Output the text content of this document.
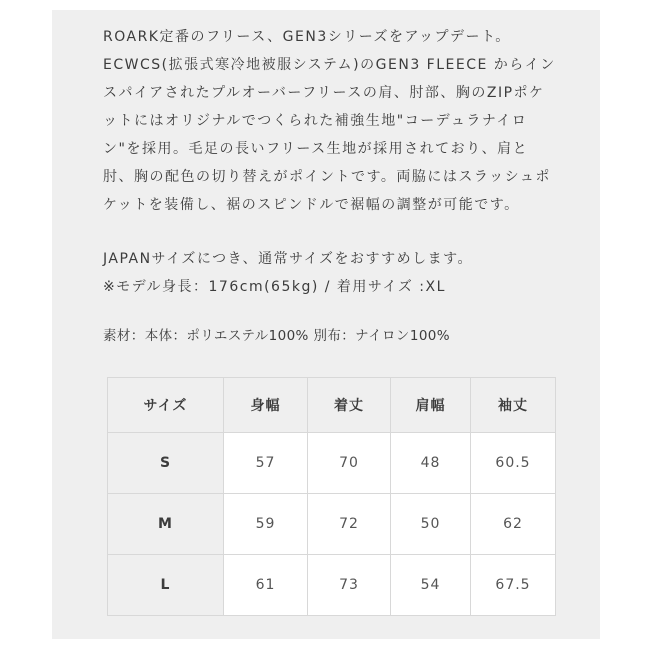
ROARK定番のフリース、GEN3シリーズをアップデート。
ECWCS(拡張式寒冷地被服システム)のGEN3 FLEECE からイン
スパイアされたプルオーバーフリースの肩、肘部、胸のZIPポケ
ットにはオリジナルでつくられた補強生地"コーデュラナイロ
ン"を採用。毛足の長いフリース生地が採用されており、肩と
肘、胸の配色の切り替えがポイントです。両脇にはスラッシュポ
ケットを装備し、裾のスピンドルで裾幅の調整が可能です。

JAPANサイズにつき、通常サイズをおすすめします。
※モデル身長：176cm(65kg) / 着用サイズ :XL

素材：本体：ポリエステル100% 別布：ナイロン100%

サイズ	身幅	着丈	肩幅	袖丈
S	57	70	48	60.5
M	59	72	50	62
L	61	73	54	67.5
